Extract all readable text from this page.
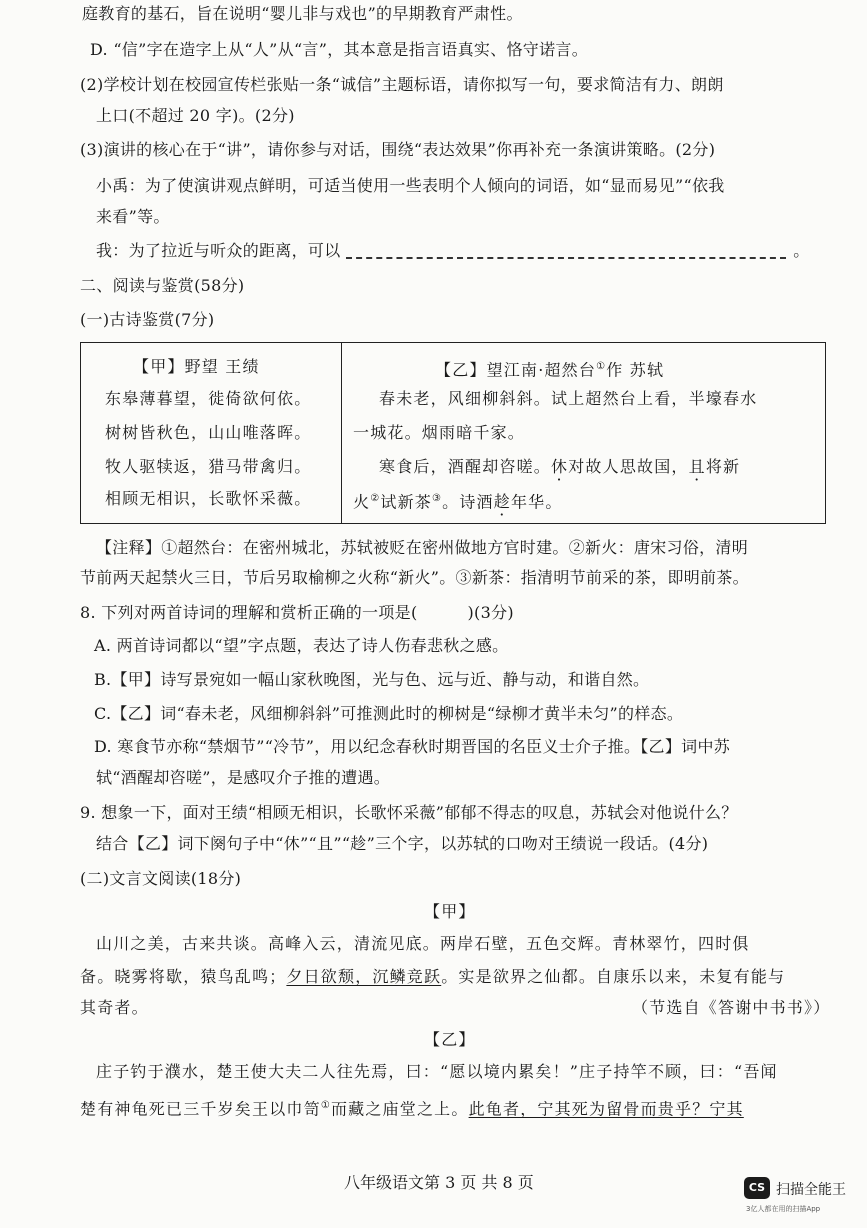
庭教育的基石，旨在说明“婴儿非与戏也”的早期教育严肃性。
D. “信”字在造字上从“人”从“言”，其本意是指言语真实、恪守诺言。
(2)学校计划在校园宣传栏张贴一条“诚信”主题标语，请你拟写一句，要求简洁有力、朗朗
上口(不超过 20 字)。(2分)
(3)演讲的核心在于“讲”，请你参与对话，围绕“表达效果”你再补充一条演讲策略。(2分)
小禹：为了使演讲观点鲜明，可适当使用一些表明个人倾向的词语，如“显而易见”“依我
来看”等。
我：为了拉近与听众的距离，可以	。
二、阅读与鉴赏(58分)
(一)古诗鉴赏(7分)
【甲】野望 王绩
东皋薄暮望，徙倚欲何依。
树树皆秋色，山山唯落晖。
牧人驱犊返，猎马带禽归。
相顾无相识，长歌怀采薇。
【乙】望江南·超然台①作 苏轼
春未老，风细柳斜斜。试上超然台上看，半壕春水
一城花。烟雨暗千家。
寒食后，酒醒却咨嗟。休对故人思故国，且将新
火②试新茶③。诗酒趁年华。
【注释】①超然台：在密州城北，苏轼被贬在密州做地方官时建。②新火：唐宋习俗，清明
节前两天起禁火三日，节后另取榆柳之火称“新火”。③新茶：指清明节前采的茶，即明前茶。
8. 下列对两首诗词的理解和赏析正确的一项是(	)(3分)
A. 两首诗词都以“望”字点题，表达了诗人伤春悲秋之感。
B.【甲】诗写景宛如一幅山家秋晚图，光与色、远与近、静与动，和谐自然。
C.【乙】词“春未老，风细柳斜斜”可推测此时的柳树是“绿柳才黄半未匀”的样态。
D. 寒食节亦称“禁烟节”“冷节”，用以纪念春秋时期晋国的名臣义士介子推。【乙】词中苏
轼“酒醒却咨嗟”，是感叹介子推的遭遇。
9. 想象一下，面对王绩“相顾无相识，长歌怀采薇”郁郁不得志的叹息，苏轼会对他说什么？
结合【乙】词下阕句子中“休”“且”“趁”三个字，以苏轼的口吻对王绩说一段话。(4分)
(二)文言文阅读(18分)
【甲】
山川之美，古来共谈。高峰入云，清流见底。两岸石壁，五色交辉。青林翠竹，四时俱
备。晓雾将歇，猿鸟乱鸣；夕日欲颓，沉鳞竞跃。实是欲界之仙都。自康乐以来，未复有能与
其奇者。	（节选自《答谢中书书》）
【乙】
庄子钓于濮水，楚王使大夫二人往先焉，曰：“愿以境内累矣！”庄子持竿不顾，曰：“吾闻
楚有神龟死已三千岁矣王以巾笥①而藏之庙堂之上。此龟者，宁其死为留骨而贵乎？宁其
八年级语文第 3 页 共 8 页	CS 扫描全能王
3亿人都在用的扫描App
